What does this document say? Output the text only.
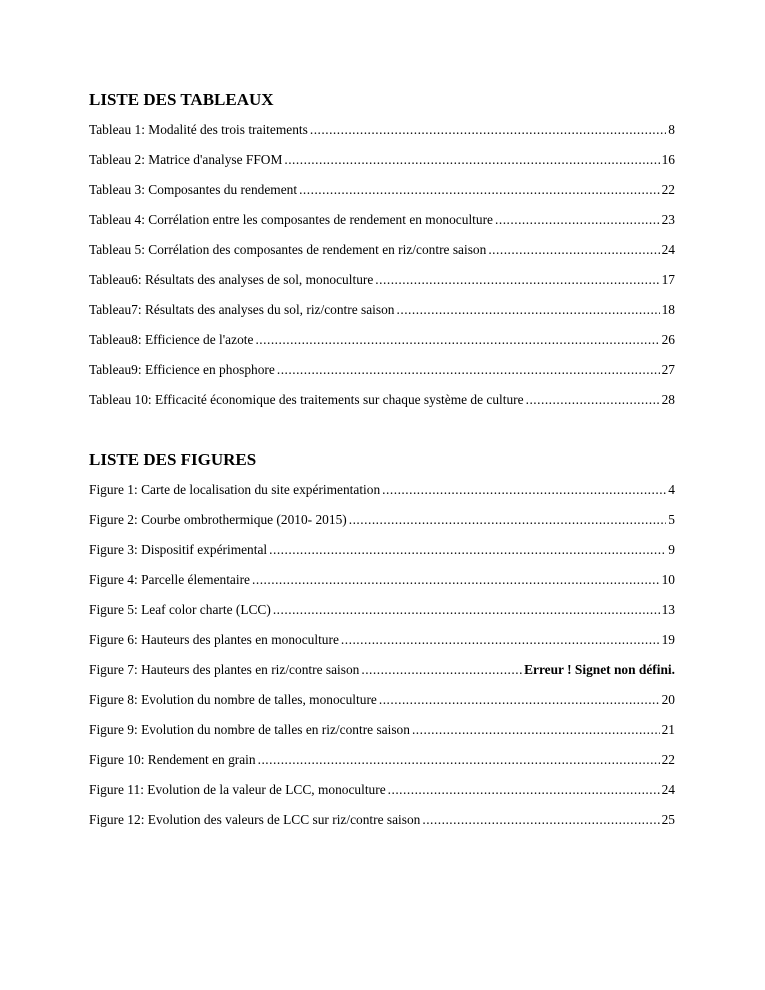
LISTE DES TABLEAUX
Tableau 1: Modalité des trois traitements .....	8
Tableau 2: Matrice d'analyse FFOM .....	16
Tableau 3: Composantes du rendement .....	22
Tableau 4: Corrélation entre les composantes de rendement en monoculture .....	23
Tableau 5: Corrélation des composantes de rendement en riz/contre saison .....	24
Tableau6: Résultats des analyses de sol, monoculture .....	17
Tableau7: Résultats des analyses du sol, riz/contre saison .....	18
Tableau8: Efficience de l'azote .....	26
Tableau9: Efficience en phosphore .....	27
Tableau 10: Efficacité économique des traitements sur chaque système de culture .....	28
LISTE DES FIGURES
Figure 1: Carte de localisation du site expérimentation .....	4
Figure 2: Courbe ombrothermique (2010- 2015) .....	5
Figure 3: Dispositif expérimental .....	9
Figure 4: Parcelle élementaire .....	10
Figure 5: Leaf color charte (LCC) .....	13
Figure 6: Hauteurs des plantes en monoculture .....	19
Figure 7: Hauteurs des plantes en riz/contre saison .....	Erreur ! Signet non défini.
Figure 8: Evolution du nombre de talles, monoculture .....	20
Figure 9: Evolution du nombre de talles en riz/contre saison .....	21
Figure 10: Rendement en grain .....	22
Figure 11: Evolution de la valeur de LCC, monoculture .....	24
Figure 12: Evolution des valeurs de LCC sur riz/contre saison .....	25
